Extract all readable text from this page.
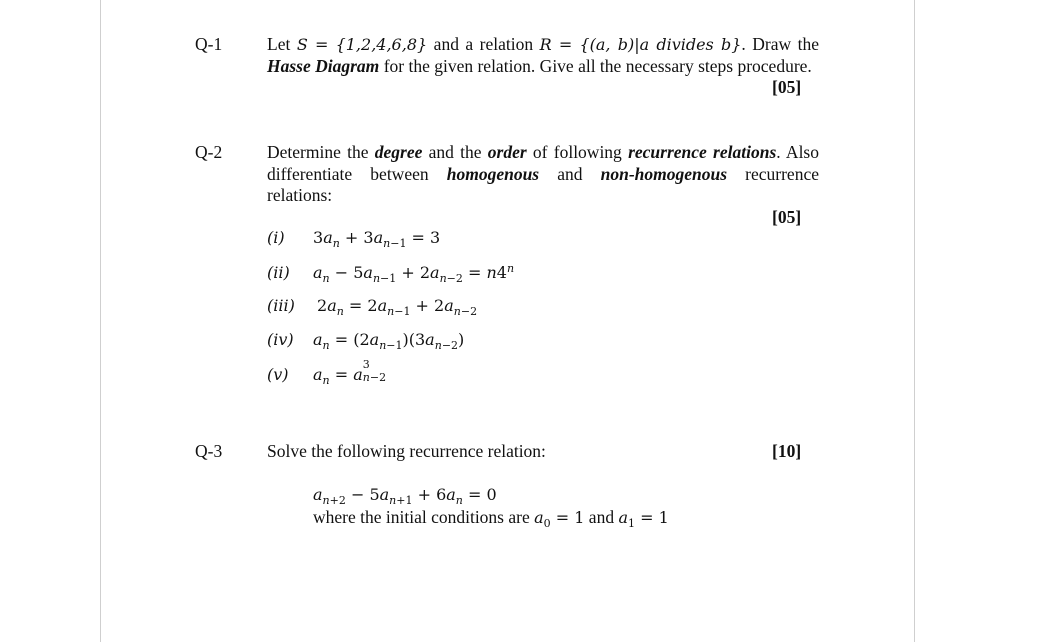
Q-1	Let S = {1,2,4,6,8} and a relation R = {(a, b)|a divides b}. Draw the Hasse Diagram for the given relation. Give all the necessary steps procedure.
[05]
Q-2	Determine the degree and the order of following recurrence relations. Also differentiate between homogenous and non-homogenous recurrence relations:
[05]
(i) $3a_n + 3a_{n-1} = 3$
(ii) $a_n - 5a_{n-1} + 2a_{n-2} = n4^n$
(iii) $2a_n = 2a_{n-1} + 2a_{n-2}$
(iv) $a_n = (2a_{n-1})(3a_{n-2})$
(v) $a_n = a$
3
n−2
Q-3	Solve the following recurrence relation:	[10]
$a_{n+2} - 5a_{n+1} + 6a_n = 0$
where the initial conditions are $a_0 = 1$ and $a_1 = 1$
